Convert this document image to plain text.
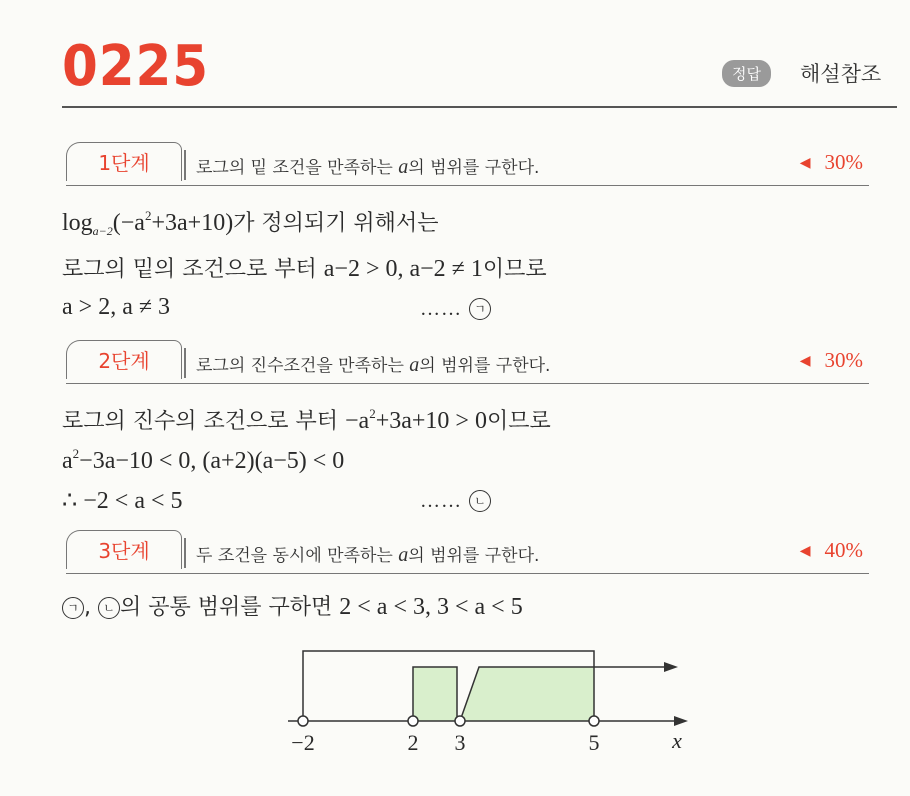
0225	정답	해설참조
1단계	로그의 밑 조건을 만족하는 a의 범위를 구한다.	◀ 30%
$\log_{a-2}(-a^2+3a+10)$가 정의되기 위해서는
로그의 밑의 조건으로 부터 a−2 > 0, a−2 ≠ 1이므로
a > 2, a ≠ 3	…… ㄱ
2단계	로그의 진수조건을 만족하는 a의 범위를 구한다.	◀ 30%
로그의 진수의 조건으로 부터 $-a^2+3a+10 > 0$이므로
$a^2-3a-10 < 0$, (a+2)(a−5) < 0
∴ −2 < a < 5	…… ㄴ
3단계	두 조건을 동시에 만족하는 a의 범위를 구한다.	◀ 40%
ㄱ , ㄴ 의 공통 범위를 구하면 2 < a < 3, 3 < a < 5
−2	2 3	5	x
